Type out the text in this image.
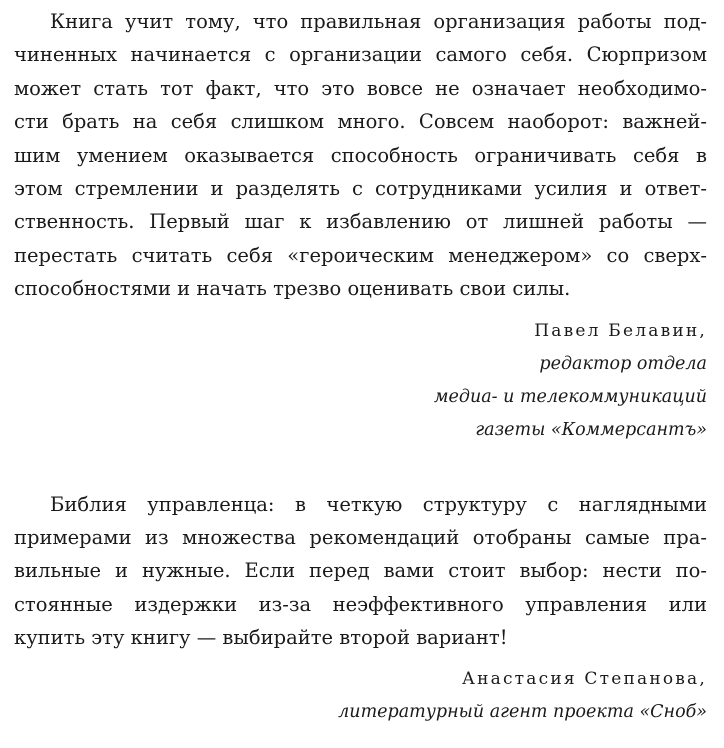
Книга учит тому, что правильная организация работы под-
чиненных начинается с организации самого себя. Сюрпризом
может стать тот факт, что это вовсе не означает необходимо-
сти брать на себя слишком много. Совсем наоборот: важней-
шим умением оказывается способность ограничивать себя в
этом стремлении и разделять с сотрудниками усилия и ответ-
ственность. Первый шаг к избавлению от лишней работы —
перестать считать себя «героическим менеджером» со сверх-
способностями и начать трезво оценивать свои силы.

Павел Белавин,
редактор отдела
медиа- и телекоммуникаций
газеты «Коммерсантъ»

Библия управленца: в четкую структуру с наглядными
примерами из множества рекомендаций отобраны самые пра-
вильные и нужные. Если перед вами стоит выбор: нести по-
стоянные издержки из-за неэффективного управления или
купить эту книгу — выбирайте второй вариант!

Анастасия Степанова,
литературный агент проекта «Сноб»
